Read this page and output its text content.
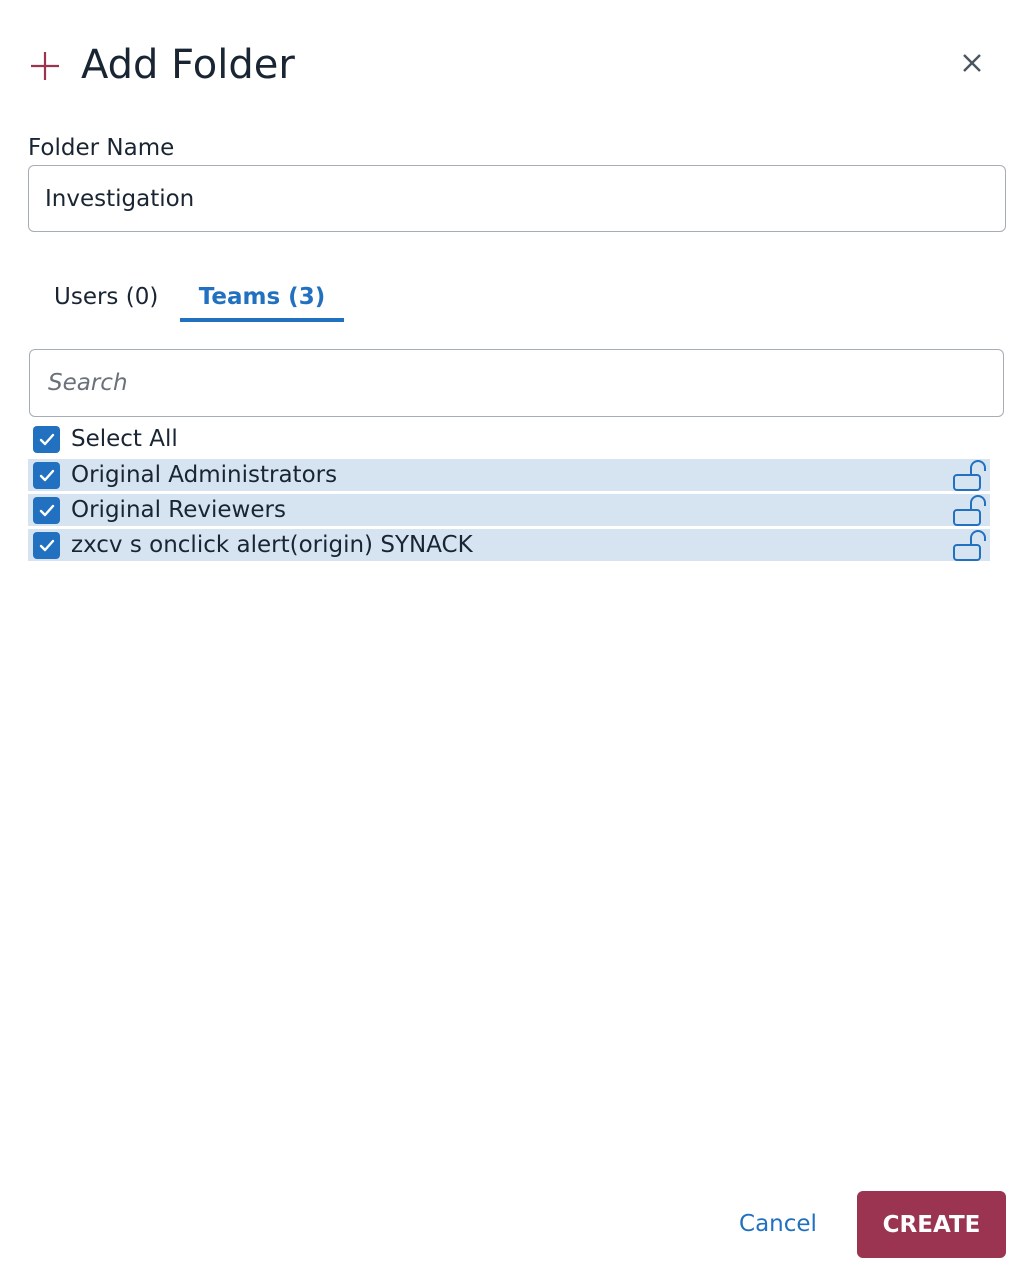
Add Folder
Folder Name
Investigation
Users (0)	Teams (3)
Search
Select All
Original Administrators
Original Reviewers
zxcv s onclick alert(origin) SYNACK
Cancel	CREATE
